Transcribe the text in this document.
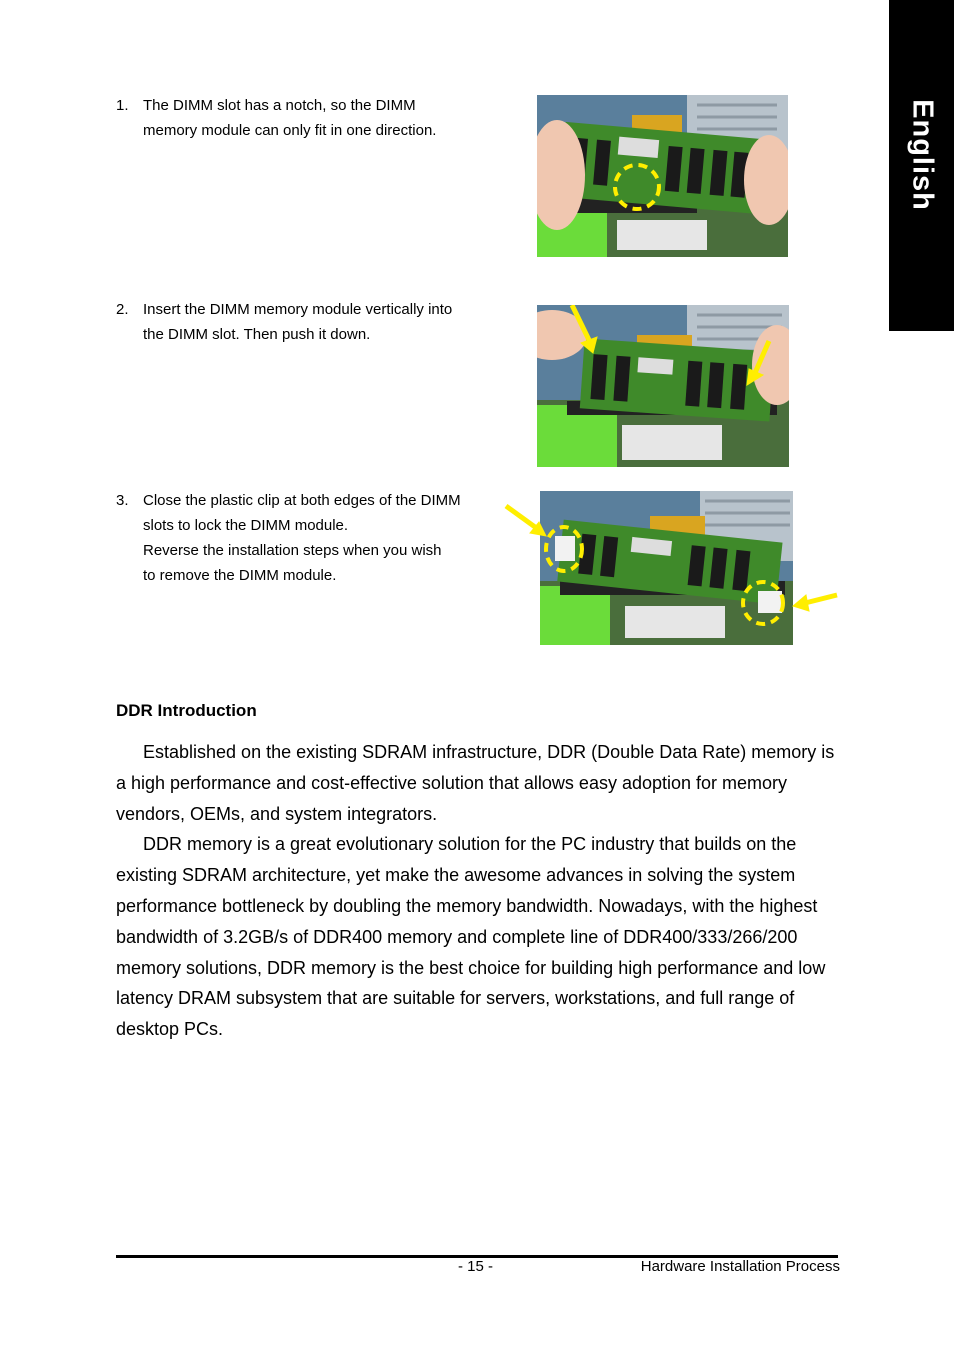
English
1. The DIMM slot has a notch, so the DIMM
memory module can only fit in one direction.
2. Insert the DIMM memory module vertically into
the DIMM slot. Then push it down.
3. Close the plastic clip at both edges of the DIMM
slots to lock the DIMM module.
Reverse the installation steps when you wish
to remove the DIMM module.
DDR Introduction

Established on the existing SDRAM infrastructure, DDR (Double Data Rate) memory is a high performance and cost-effective solution that allows easy adoption for memory vendors, OEMs, and system integrators.

DDR memory is a great evolutionary solution for the PC industry that builds on the existing SDRAM architecture, yet make the awesome advances in solving the system performance bottleneck by doubling the memory bandwidth. Nowadays, with the highest bandwidth of 3.2GB/s of DDR400 memory and complete line of DDR400/333/266/200 memory solutions, DDR memory is the best choice for building high performance and low latency DRAM subsystem that are suitable for servers, workstations, and full range of desktop PCs.

- 15 -	Hardware Installation Process
